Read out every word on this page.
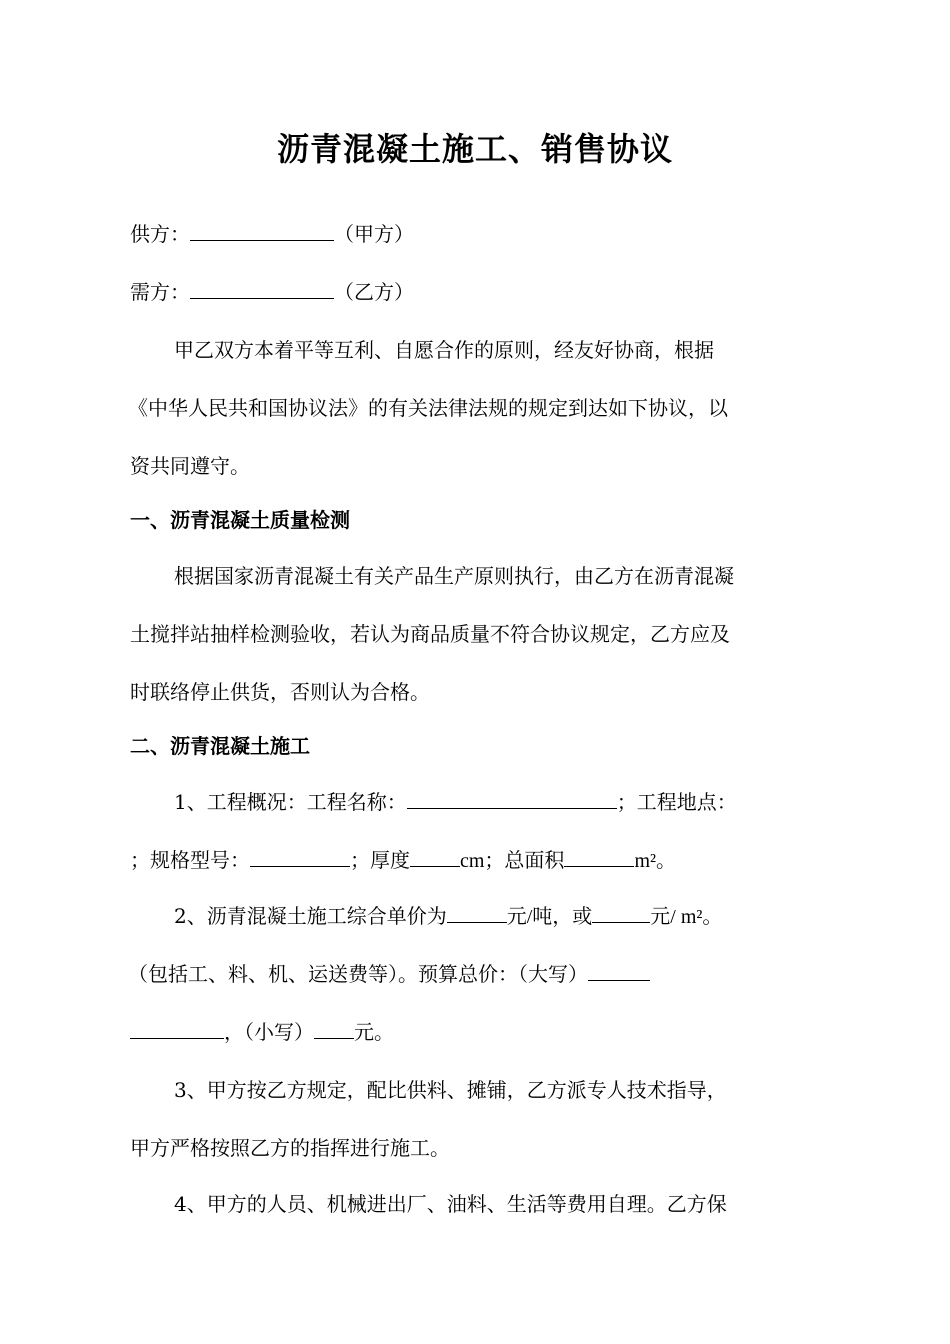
沥青混凝土施工、销售协议
供方：	（甲方）
需方：	（乙方）
甲乙双方本着平等互利、自愿合作的原则，经友好协商，根据
《中华人民共和国协议法》的有关法律法规的规定到达如下协议，以
资共同遵守。
一、沥青混凝土质量检测
根据国家沥青混凝土有关产品生产原则执行，由乙方在沥青混凝
土搅拌站抽样检测验收，若认为商品质量不符合协议规定，乙方应及
时联络停止供货，否则认为合格。
二、沥青混凝土施工
1、工程概况：工程名称：	；工程地点：
；规格型号：	；厚度	cm；总面积	m²。
2、沥青混凝土施工综合单价为	元/吨，或	元/ m²。
（包括工、料、机、运送费等）。预算总价：（大写）
，（小写） 元。
3、甲方按乙方规定，配比供料、摊铺，乙方派专人技术指导，
甲方严格按照乙方的指挥进行施工。
4、甲方的人员、机械进出厂、油料、生活等费用自理。乙方保
